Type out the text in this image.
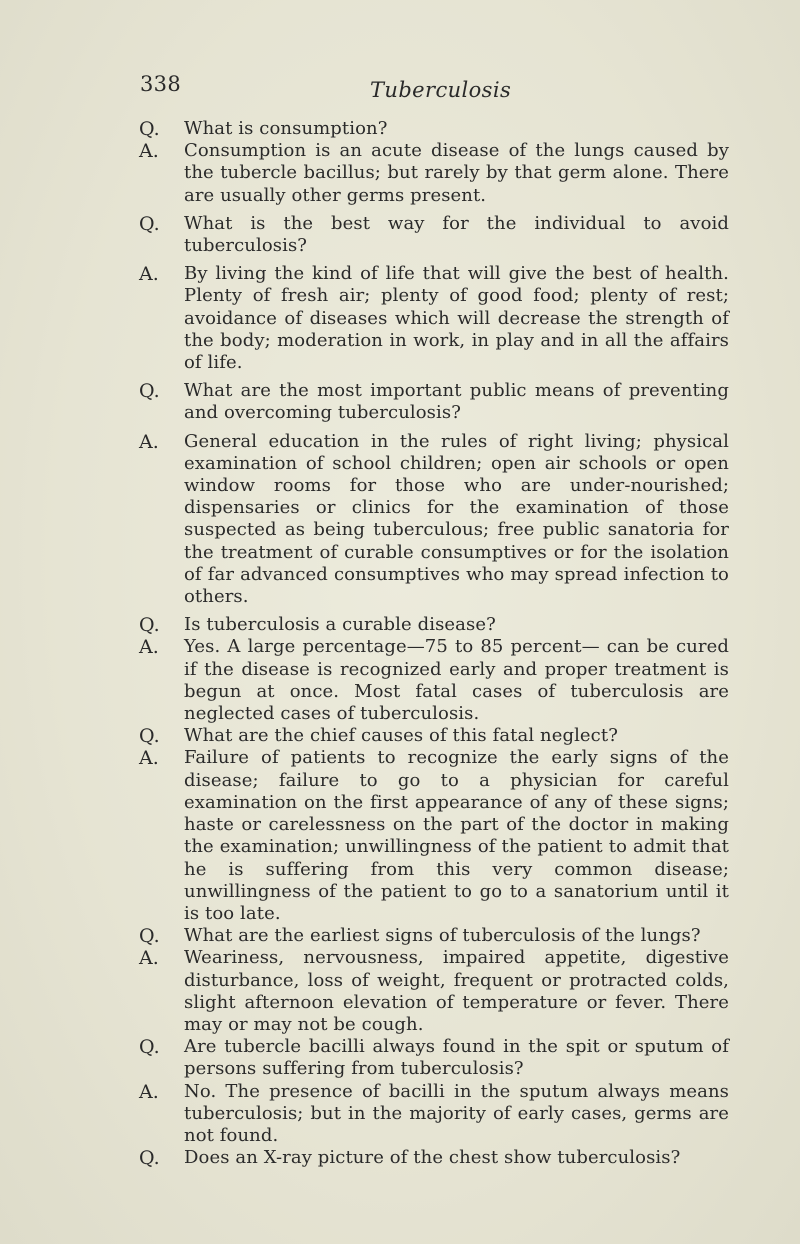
338	Tuberculosis
Q.	What is consumption?
A.	Consumption is an acute disease of the lungs caused by the tubercle bacillus; but rarely by that germ alone. There are usually other germs present.
Q.	What is the best way for the individual to avoid tuberculosis?
A.	By living the kind of life that will give the best of health. Plenty of fresh air; plenty of good food; plenty of rest; avoidance of diseases which will decrease the strength of the body; moderation in work, in play and in all the affairs of life.
Q.	What are the most important public means of preventing and overcoming tuberculosis?
A.	General education in the rules of right living; physical examination of school children; open air schools or open window rooms for those who are under-nourished; dispensaries or clinics for the examination of those suspected as being tuberculous; free public sanatoria for the treatment of curable consumptives or for the isolation of far advanced consumptives who may spread infection to others.
Q.	Is tuberculosis a curable disease?
A.	Yes. A large percentage—75 to 85 percent— can be cured if the disease is recognized early and proper treatment is begun at once. Most fatal cases of tuberculosis are neglected cases of tuberculosis.
Q.	What are the chief causes of this fatal neglect?
A.	Failure of patients to recognize the early signs of the disease; failure to go to a physician for careful examination on the first appearance of any of these signs; haste or carelessness on the part of the doctor in making the examination; unwillingness of the patient to admit that he is suffering from this very common disease; unwillingness of the patient to go to a sanatorium until it is too late.
Q.	What are the earliest signs of tuberculosis of the lungs?
A.	Weariness, nervousness, impaired appetite, digestive disturbance, loss of weight, frequent or protracted colds, slight afternoon elevation of temperature or fever. There may or may not be cough.
Q.	Are tubercle bacilli always found in the spit or sputum of persons suffering from tuberculosis?
A.	No. The presence of bacilli in the sputum always means tuberculosis; but in the majority of early cases, germs are not found.
Q.	Does an X-ray picture of the chest show tuberculosis?
